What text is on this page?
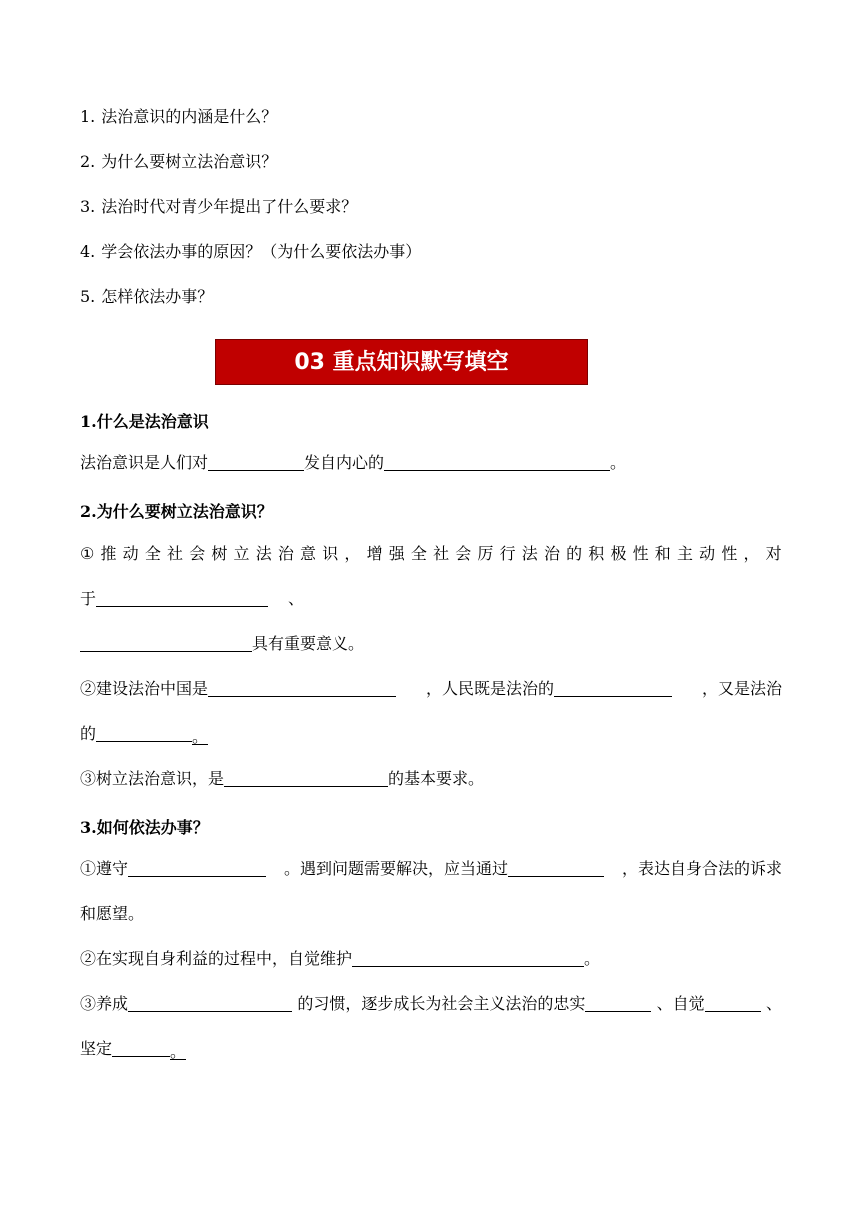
1. 法治意识的内涵是什么？
2. 为什么要树立法治意识？
3. 法治时代对青少年提出了什么要求？
4. 学会依法办事的原因？（为什么要依法办事）
5. 怎样依法办事？
03 重点知识默写填空
1.什么是法治意识
法治意识是人们对	发自内心的	。
2.为什么要树立法治意识？
① 推 动 全 社 会 树 立 法 治 意 识 ， 增 强 全 社 会 厉 行 法 治 的 积 极 性 和 主 动 性 ， 对
于	、
具有重要意义。
②建设法治中国是	，人民既是法治的	，又是法治
的	。
③树立法治意识，是	的基本要求。
3.如何依法办事？
①遵守	。遇到问题需要解决，应当通过	，表达自身合法的诉求
和愿望。
②在实现自身利益的过程中，自觉维护	。
③养成	的习惯，逐步成长为社会主义法治的忠实	、自觉	、
坚定	。
